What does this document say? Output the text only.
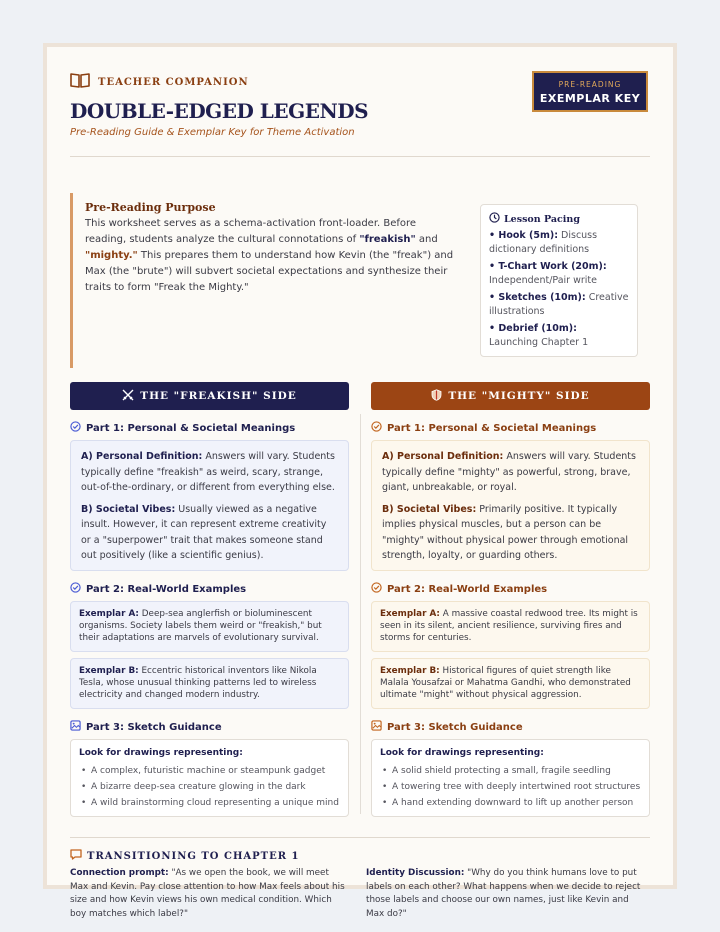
TEACHER COMPANION
DOUBLE-EDGED LEGENDS
Pre-Reading Guide & Exemplar Key for Theme Activation
PRE-READING
EXEMPLAR KEY
Pre-Reading Purpose

This worksheet serves as a schema-activation front-loader. Before reading, students analyze the cultural connotations of "freakish" and "mighty." This prepares them to understand how Kevin (the "freak") and Max (the "brute") will subvert societal expectations and synthesize their traits to form "Freak the Mighty."

Lesson Pacing
• Hook (5m): Discuss dictionary definitions
• T-Chart Work (20m): Independent/Pair write
• Sketches (10m): Creative illustrations
• Debrief (10m): Launching Chapter 1
THE "FREAKISH" SIDE
Part 1: Personal & Societal Meanings
A) Personal Definition: Answers will vary. Students typically define "freakish" as weird, scary, strange, out-of-the-ordinary, or different from everything else.
B) Societal Vibes: Usually viewed as a negative insult. However, it can represent extreme creativity or a "superpower" trait that makes someone stand out positively (like a scientific genius).
Part 2: Real-World Examples
Exemplar A: Deep-sea anglerfish or bioluminescent organisms. Society labels them weird or "freakish," but their adaptations are marvels of evolutionary survival.
Exemplar B: Eccentric historical inventors like Nikola Tesla, whose unusual thinking patterns led to wireless electricity and changed modern industry.
Part 3: Sketch Guidance
Look for drawings representing:
• A complex, futuristic machine or steampunk gadget
• A bizarre deep-sea creature glowing in the dark
• A wild brainstorming cloud representing a unique mind
THE "MIGHTY" SIDE
Part 1: Personal & Societal Meanings
A) Personal Definition: Answers will vary. Students typically define "mighty" as powerful, strong, brave, giant, unbreakable, or royal.
B) Societal Vibes: Primarily positive. It typically implies physical muscles, but a person can be "mighty" without physical power through emotional strength, loyalty, or guarding others.
Part 2: Real-World Examples
Exemplar A: A massive coastal redwood tree. Its might is seen in its silent, ancient resilience, surviving fires and storms for centuries.
Exemplar B: Historical figures of quiet strength like Malala Yousafzai or Mahatma Gandhi, who demonstrated ultimate "might" without physical aggression.
Part 3: Sketch Guidance
Look for drawings representing:
• A solid shield protecting a small, fragile seedling
• A towering tree with deeply intertwined root structures
• A hand extending downward to lift up another person
TRANSITIONING TO CHAPTER 1
Connection prompt: "As we open the book, we will meet Max and Kevin. Pay close attention to how Max feels about his size and how Kevin views his own medical condition. Which boy matches which label?"
Identity Discussion: "Why do you think humans love to put labels on each other? What happens when we decide to reject those labels and choose our own names, just like Kevin and Max do?"
